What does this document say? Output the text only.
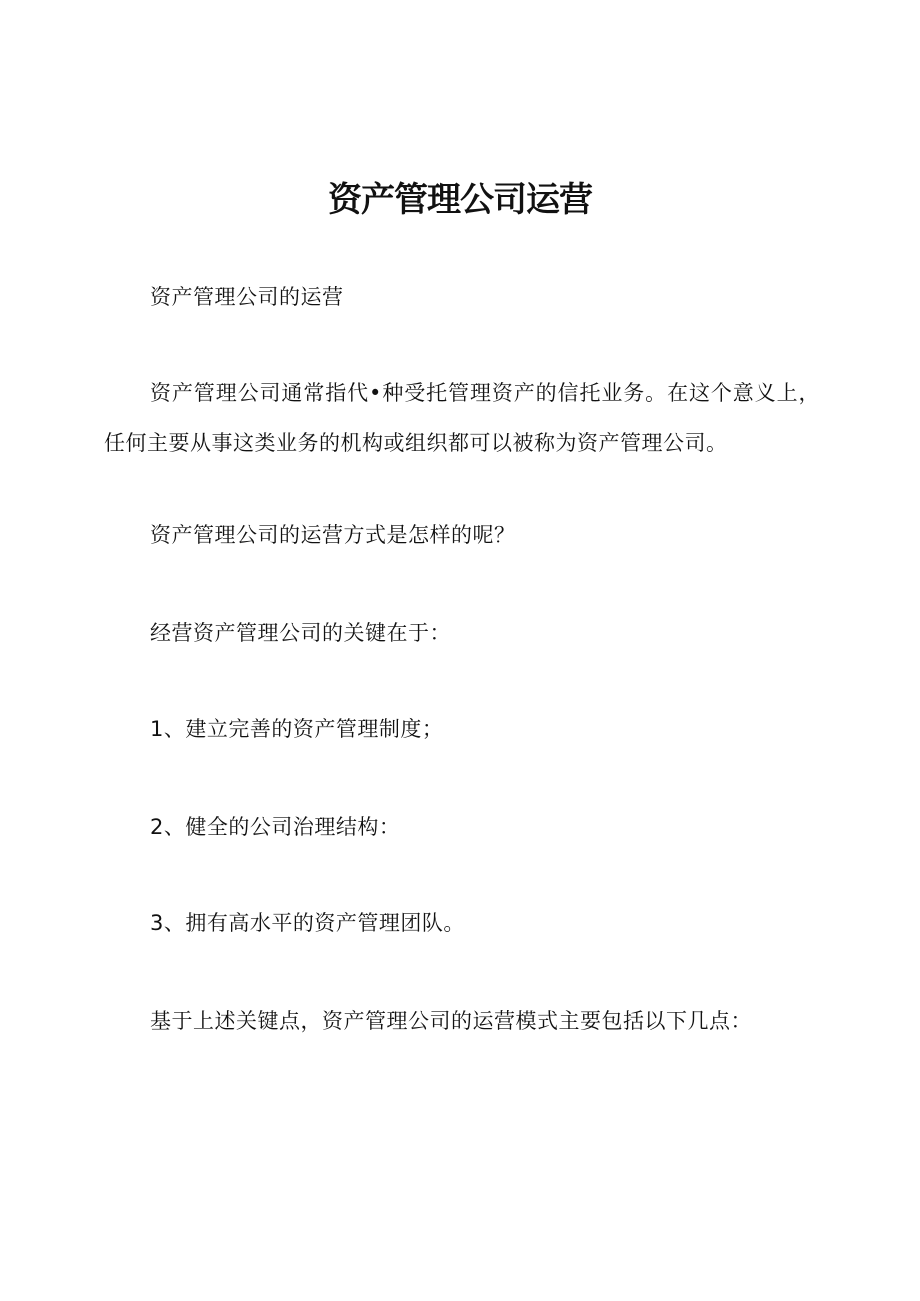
资产管理公司运营

资产管理公司的运营

资产管理公司通常指代•种受托管理资产的信托业务。在这个意义上，任何主要从事这类业务的机构或组织都可以被称为资产管理公司。

资产管理公司的运营方式是怎样的呢？

经营资产管理公司的关键在于：

1、建立完善的资产管理制度；

2、健全的公司治理结构：

3、拥有高水平的资产管理团队。

基于上述关键点，资产管理公司的运营模式主要包括以下几点：
